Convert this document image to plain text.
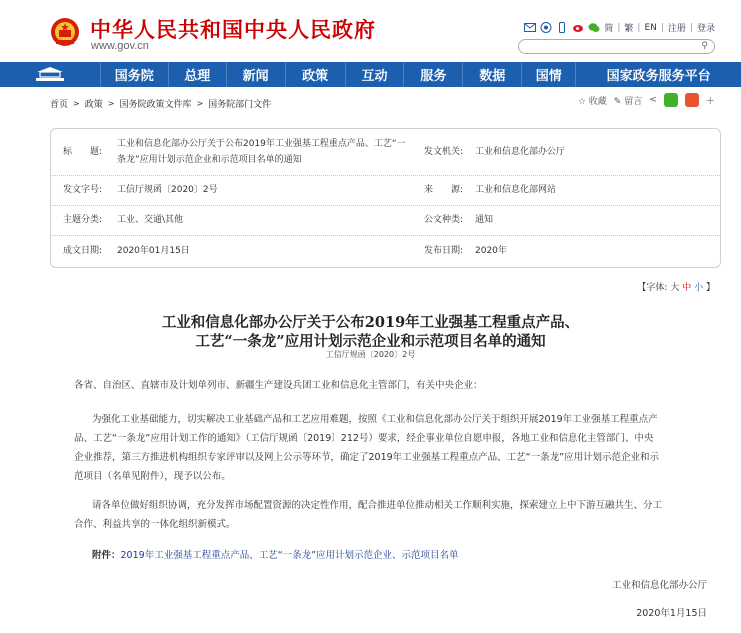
中华人民共和国中央人民政府
www.gov.cn
简 | 繁 | EN | 注册 | 登录
⚲
国务院	总理	新闻	政策	互动	服务	数据	国情	国家政务服务平台
首页 > 政策 > 国务院政策文件库 > 国务院部门文件	☆ 收藏 ✎ 留言 <	+
标　　题:
工业和信息化部办公厅关于公布2019年工业强基工程重点产品、工艺“一
条龙”应用计划示范企业和示范项目名单的通知
发文机关: 工业和信息化部办公厅
发文字号: 工信厅规函〔2020〕2号	来　　源: 工业和信息化部网站
主题分类: 工业、交通\其他	公文种类: 通知
成文日期: 2020年01月15日	发布日期: 2020年
【字体: 大 中 小 】
工业和信息化部办公厅关于公布2019年工业强基工程重点产品、
工艺“一条龙”应用计划示范企业和示范项目名单的通知
工信厅规函〔2020〕2号
各省、自治区、直辖市及计划单列市、新疆生产建设兵团工业和信息化主管部门，有关中央企业：
为强化工业基础能力，切实解决工业基础产品和工艺应用难题，按照《工业和信息化部办公厅关于组织开展2019年工业强基工程重点产
品、工艺“一条龙”应用计划工作的通知》（工信厅规函〔2019〕212号）要求，经企事业单位自愿申报，各地工业和信息化主管部门、中央
企业推荐，第三方推进机构组织专家评审以及网上公示等环节，确定了2019年工业强基工程重点产品、工艺“一条龙”应用计划示范企业和示
范项目（名单见附件），现予以公布。
请各单位做好组织协调，充分发挥市场配置资源的决定性作用，配合推进单位推动相关工作顺利实施，探索建立上中下游互融共生、分工
合作、利益共享的一体化组织新模式。
附件：2019年工业强基工程重点产品、工艺“一条龙”应用计划示范企业、示范项目名单
工业和信息化部办公厅
2020年1月15日
